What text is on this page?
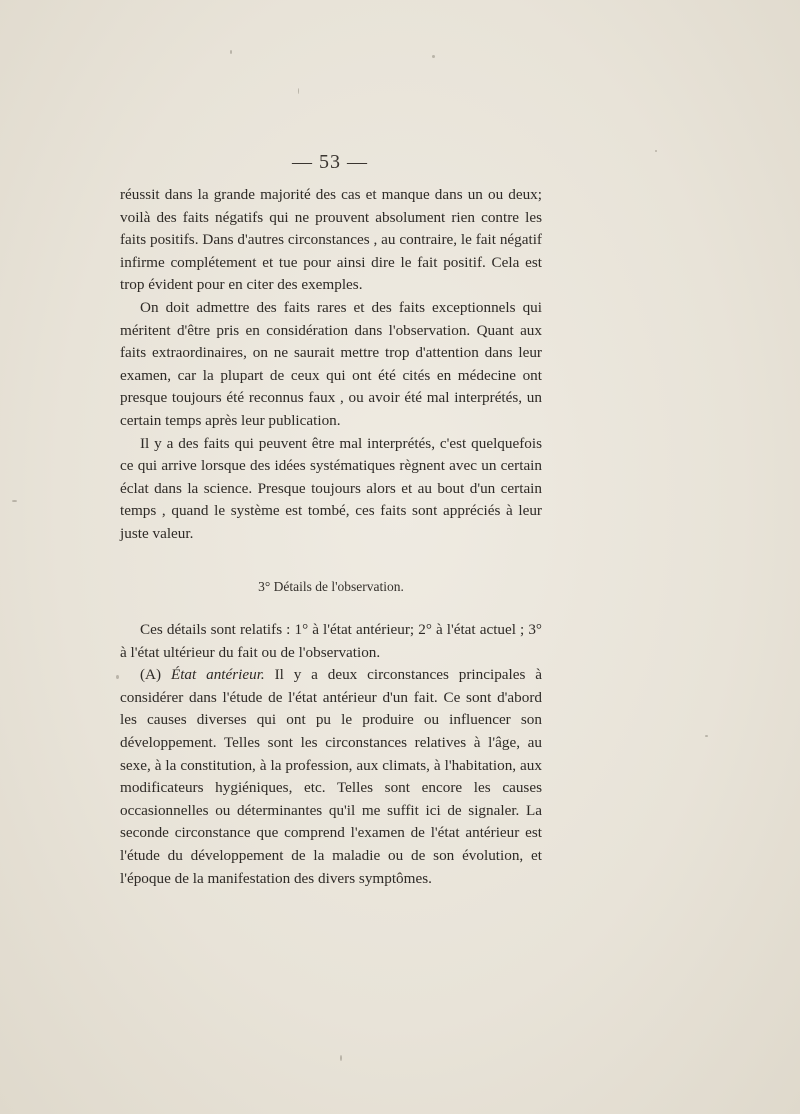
— 53 —

réussit dans la grande majorité des cas et manque dans un ou deux; voilà des faits négatifs qui ne prouvent absolument rien contre les faits positifs. Dans d'autres circonstances , au contraire, le fait négatif infirme complétement et tue pour ainsi dire le fait positif. Cela est trop évident pour en citer des exemples.

On doit admettre des faits rares et des faits exceptionnels qui méritent d'être pris en considération dans l'observation. Quant aux faits extraordinaires, on ne saurait mettre trop d'attention dans leur examen, car la plupart de ceux qui ont été cités en médecine ont presque toujours été reconnus faux , ou avoir été mal interprétés, un certain temps après leur publication.

Il y a des faits qui peuvent être mal interprétés, c'est quelquefois ce qui arrive lorsque des idées systématiques règnent avec un certain éclat dans la science. Presque toujours alors et au bout d'un certain temps , quand le système est tombé, ces faits sont appréciés à leur juste valeur.

3° Détails de l'observation.

Ces détails sont relatifs : 1° à l'état antérieur; 2° à l'état actuel ; 3° à l'état ultérieur du fait ou de l'observation.

(A) État antérieur. Il y a deux circonstances principales à considérer dans l'étude de l'état antérieur d'un fait. Ce sont d'abord les causes diverses qui ont pu le produire ou influencer son développement. Telles sont les circonstances relatives à l'âge, au sexe, à la constitution, à la profession, aux climats, à l'habitation, aux modificateurs hygiéniques, etc. Telles sont encore les causes occasionnelles ou déterminantes qu'il me suffit ici de signaler. La seconde circonstance que comprend l'examen de l'état antérieur est l'étude du développement de la maladie ou de son évolution, et l'époque de la manifestation des divers symptômes.
